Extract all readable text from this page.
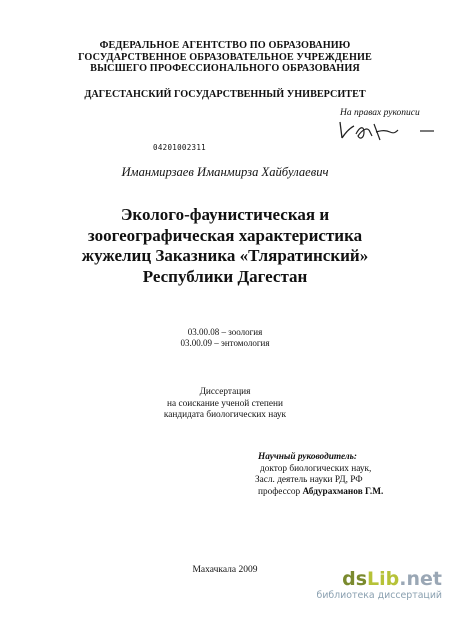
ФЕДЕРАЛЬНОЕ АГЕНТСТВО ПО ОБРАЗОВАНИЮ
ГОСУДАРСТВЕННОЕ ОБРАЗОВАТЕЛЬНОЕ УЧРЕЖДЕНИЕ
ВЫСШЕГО ПРОФЕССИОНАЛЬНОГО ОБРАЗОВАНИЯ
ДАГЕСТАНСКИЙ ГОСУДАРСТВЕННЫЙ УНИВЕРСИТЕТ
На правах рукописи
04201002311
Иманмирзаев Иманмирза Хайбулаевич
Эколого-фаунистическая и
зоогеографическая характеристика
жужелиц Заказника «Тляратинский»
Республики Дагестан
03.00.08 – зоология
03.00.09 – энтомология
Диссертация
на соискание ученой степени
кандидата биологических наук
Научный руководитель:
доктор биологических наук,
Засл. деятель науки РД, РФ
профессор Абдурахманов Г.М.
Махачкала 2009	dsLib.net
библиотека диссертаций
